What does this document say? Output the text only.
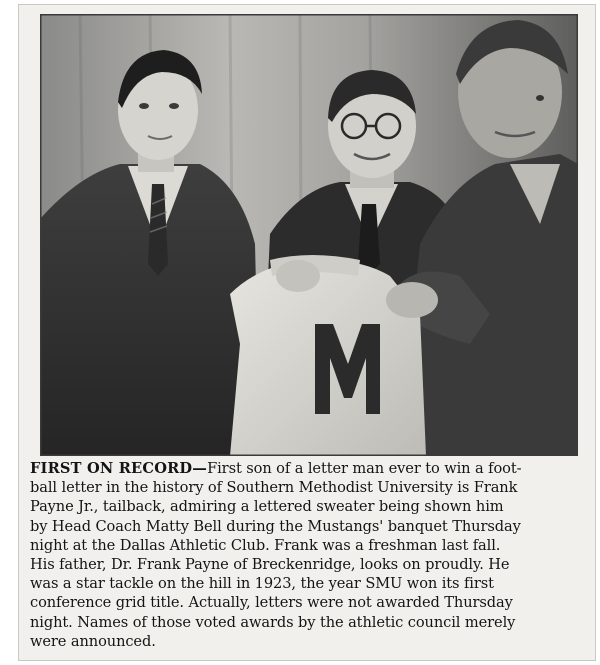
FIRST ON RECORD—First son of a letter man ever to win a foot-
ball letter in the history of Southern Methodist University is Frank
Payne Jr., tailback, admiring a lettered sweater being shown him
by Head Coach Matty Bell during the Mustangs' banquet Thursday
night at the Dallas Athletic Club. Frank was a freshman last fall.
His father, Dr. Frank Payne of Breckenridge, looks on proudly. He
was a star tackle on the hill in 1923, the year SMU won its first
conference grid title. Actually, letters were not awarded Thursday
night. Names of those voted awards by the athletic council merely
were announced.
